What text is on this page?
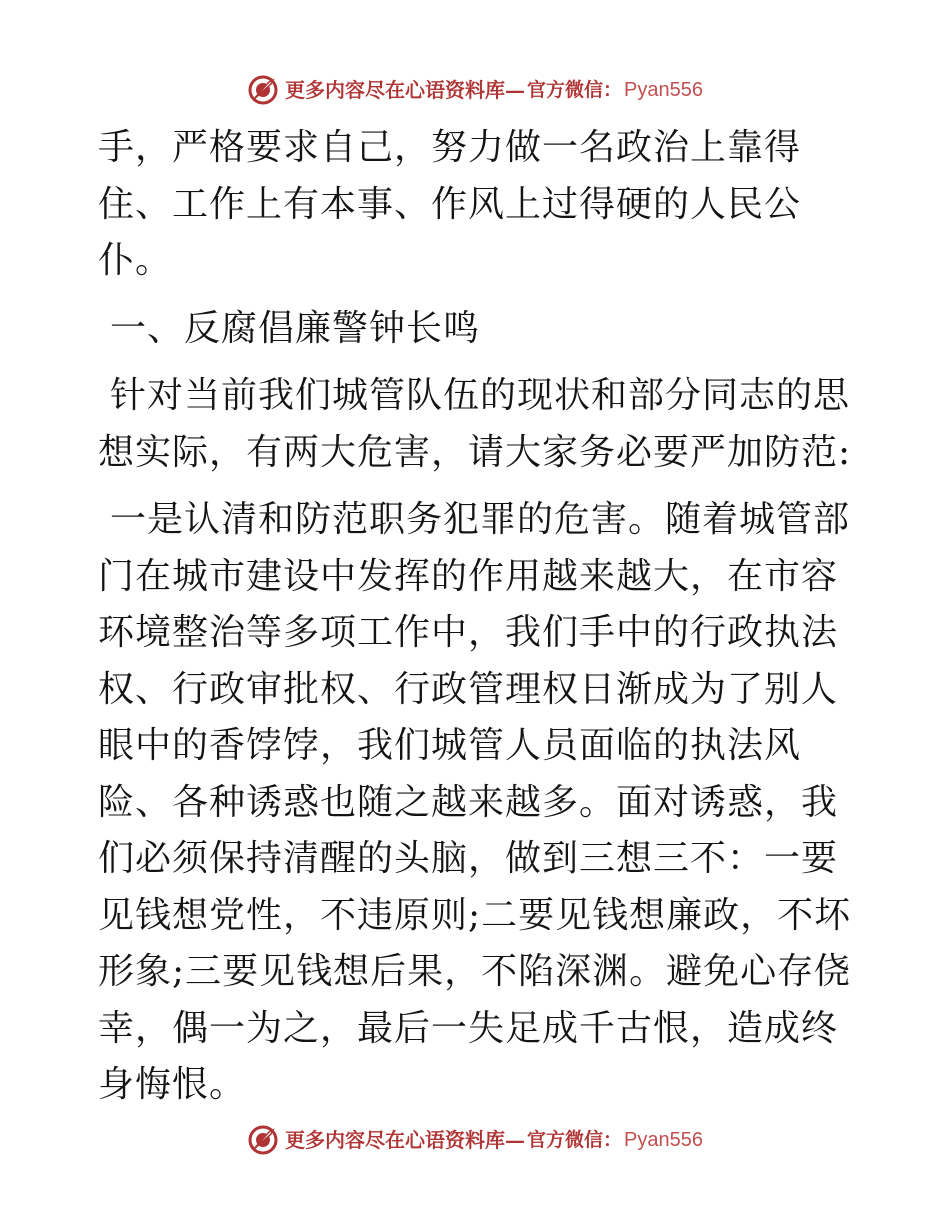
更多内容尽在心语资料库— 官方微信： Pyan556

手，严格要求自己，努力做一名政治上靠得住、工作上有本事、作风上过得硬的人民公仆。

一、反腐倡廉警钟长鸣

针对当前我们城管队伍的现状和部分同志的思想实际，有两大危害，请大家务必要严加防范:

一是认清和防范职务犯罪的危害。随着城管部门在城市建设中发挥的作用越来越大，在市容环境整治等多项工作中，我们手中的行政执法权、行政审批权、行政管理权日渐成为了别人眼中的香饽饽，我们城管人员面临的执法风险、各种诱惑也随之越来越多。面对诱惑，我们必须保持清醒的头脑，做到三想三不：一要见钱想党性，不违原则;二要见钱想廉政，不坏形象;三要见钱想后果，不陷深渊。避免心存侥幸，偶一为之，最后一失足成千古恨，造成终身悔恨。

更多内容尽在心语资料库— 官方微信： Pyan556
